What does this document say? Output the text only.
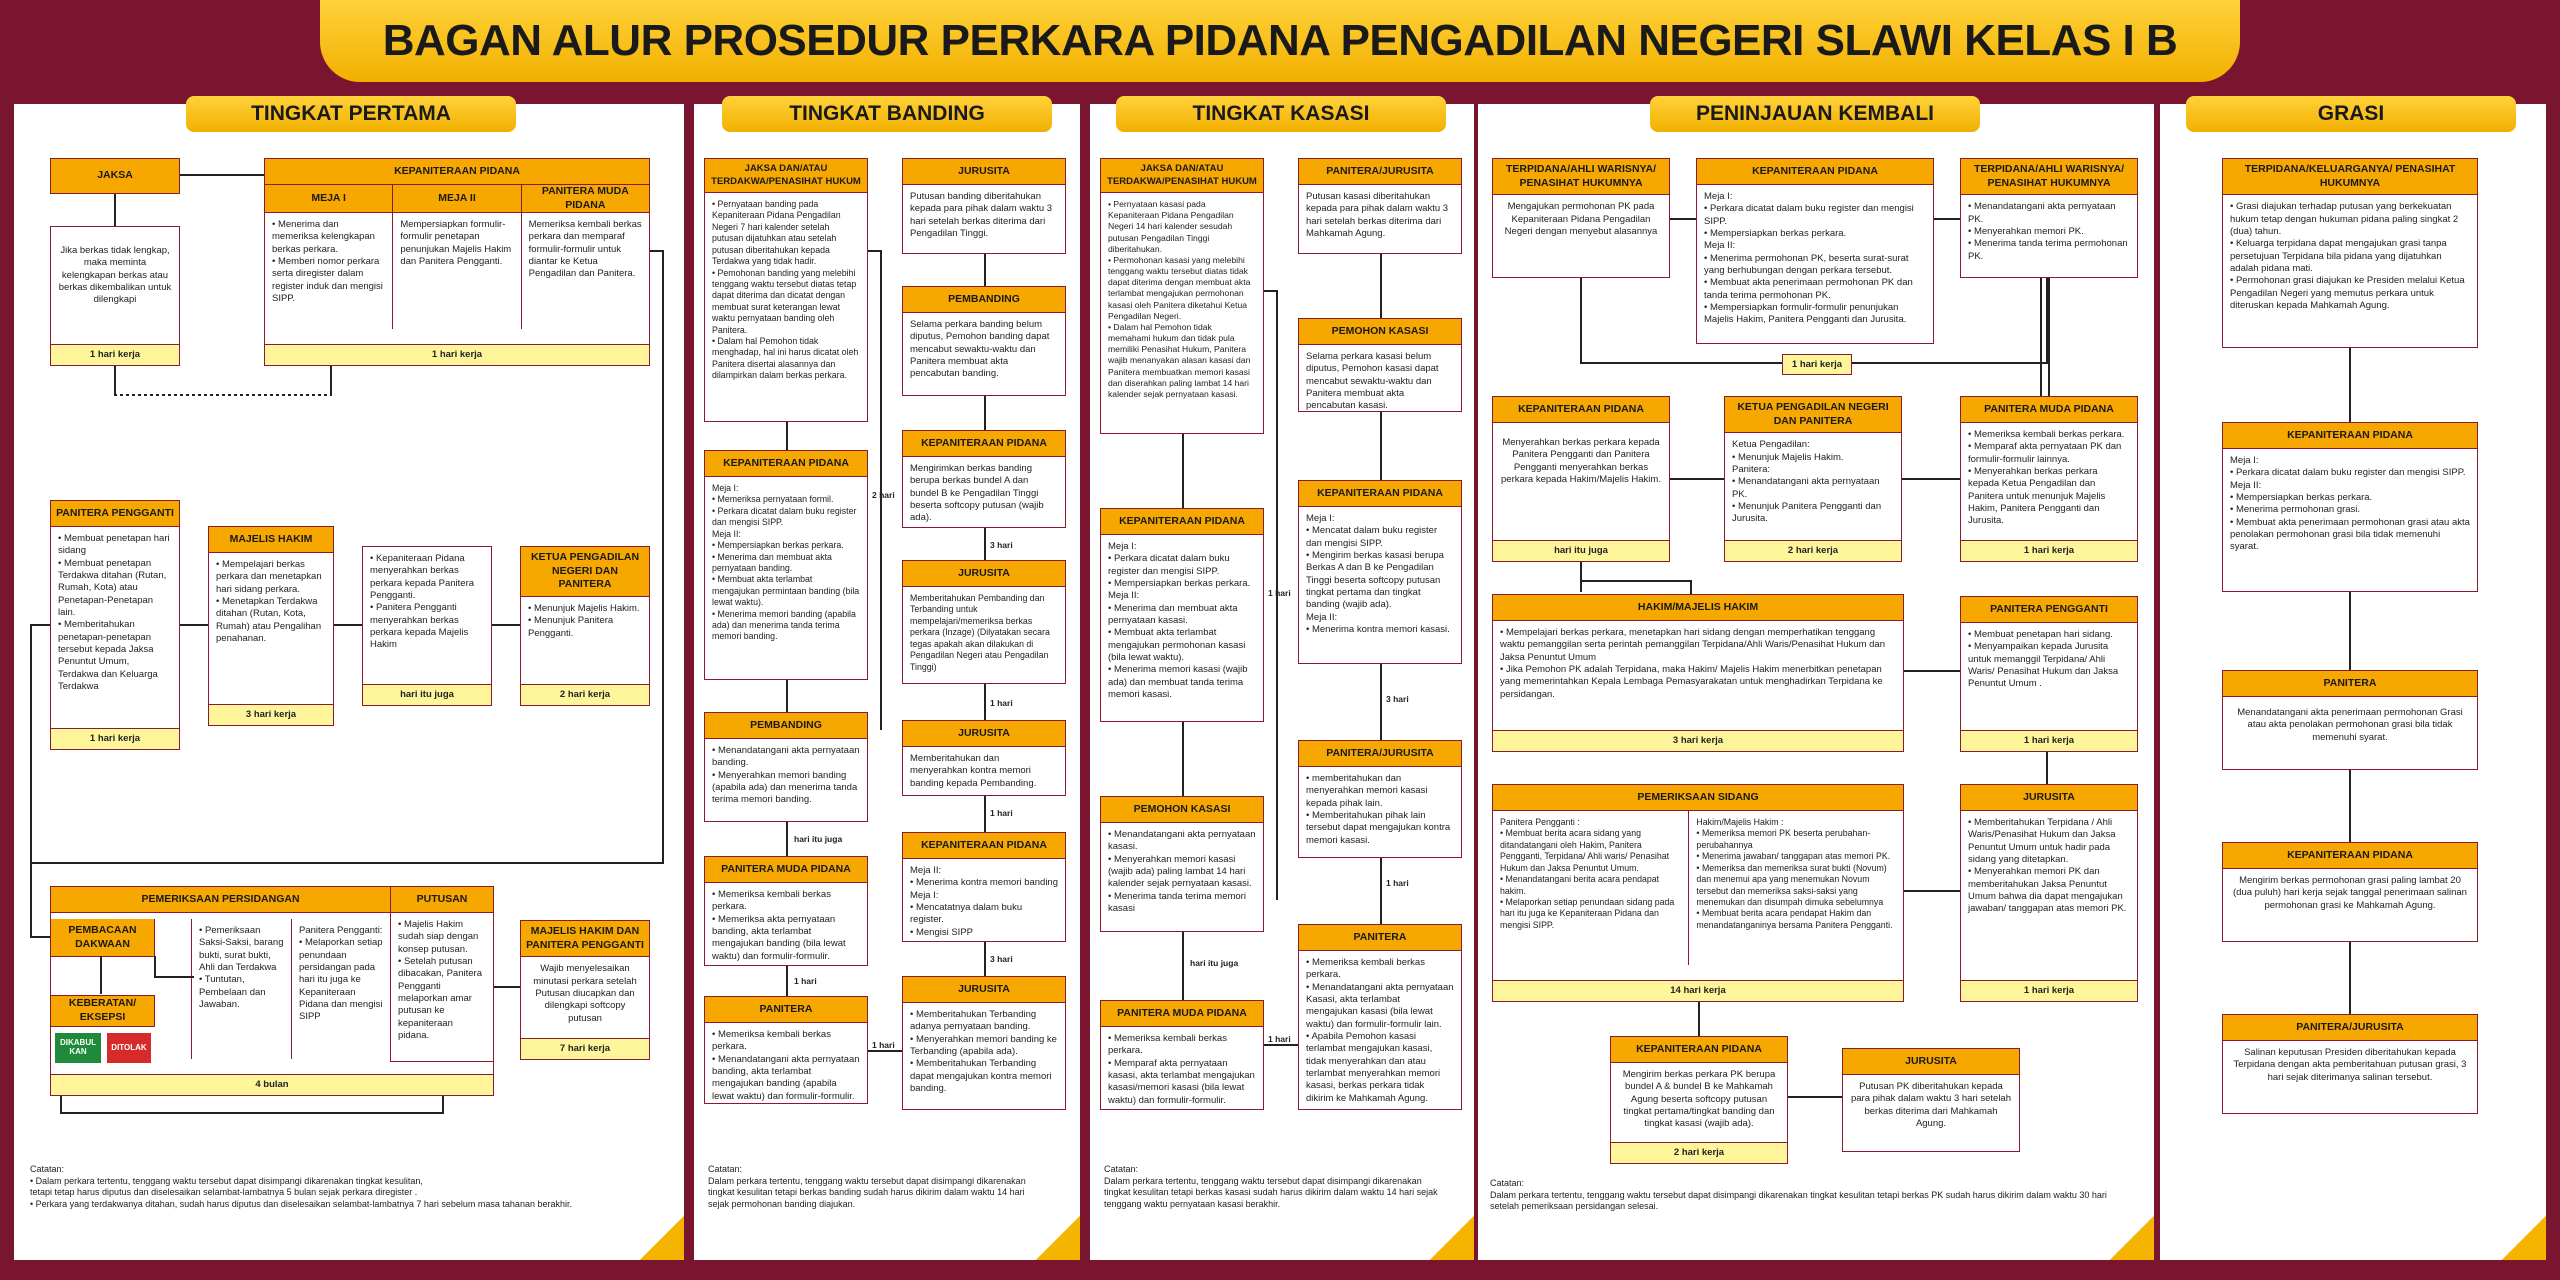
BAGAN ALUR PROSEDUR PERKARA PIDANA PENGADILAN NEGERI SLAWI KELAS I B
TINGKAT PERTAMA
JAKSA
Jika berkas tidak lengkap, maka meminta kelengkapan berkas atau berkas dikembalikan untuk dilengkapi
1 hari kerja
KEPANITERAAN PIDANA
MEJA I	MEJA II
PANITERA MUDA PIDANA
• Menerima dan memeriksa kelengkapan berkas perkara.
• Memberi nomor perkara serta diregister dalam register induk dan mengisi SIPP.
Mempersiapkan formulir-formulir penetapan penunjukan Majelis Hakim dan Panitera Pengganti.
Memeriksa kembali berkas perkara dan memparaf formulir-formulir untuk diantar ke Ketua Pengadilan dan Panitera.
1 hari kerja
PANITERA PENGGANTI
• Membuat penetapan hari sidang
• Membuat penetapan Terdakwa ditahan (Rutan, Rumah, Kota) atau Penetapan-Penetapan lain.
• Memberitahukan penetapan-penetapan tersebut kepada Jaksa Penuntut Umum, Terdakwa dan Keluarga Terdakwa
1 hari kerja
MAJELIS HAKIM
• Mempelajari berkas perkara dan menetapkan hari sidang perkara.
• Menetapkan Terdakwa ditahan (Rutan, Kota, Rumah) atau Pengalihan penahanan.
3 hari kerja
• Kepaniteraan Pidana menyerahkan berkas perkara kepada Panitera Pengganti.
• Panitera Pengganti menyerahkan berkas perkara kepada Majelis Hakim
hari itu juga
KETUA PENGADILAN NEGERI DAN PANITERA
• Menunjuk Majelis Hakim.
• Menunjuk Panitera Pengganti.
2 hari kerja
PEMERIKSAAN PERSIDANGAN
PEMBACAAN DAKWAAN
KEBERATAN/ EKSEPSI
DIKABUL KAN	DITOLAK
• Pemeriksaan Saksi-Saksi, barang bukti, surat bukti, Ahli dan Terdakwa
• Tuntutan, Pembelaan dan Jawaban.
Panitera Pengganti:
• Melaporkan setiap penundaan persidangan pada hari itu juga ke Kepaniteraan Pidana dan mengisi SIPP
4 bulan
PUTUSAN
• Majelis Hakim sudah siap dengan konsep putusan.
• Setelah putusan dibacakan, Panitera Pengganti melaporkan amar putusan ke kepaniteraan pidana.
MAJELIS HAKIM DAN PANITERA PENGGANTI
Wajib menyelesaikan minutasi perkara setelah Putusan diucapkan dan dilengkapi softcopy putusan
7 hari kerja
Catatan:
• Dalam perkara tertentu, tenggang waktu tersebut dapat disimpangi dikarenakan tingkat kesulitan,
tetapi tetap harus diputus dan diselesaikan selambat-lambatnya 5 bulan sejak perkara diregister .
• Perkara yang terdakwanya ditahan, sudah harus diputus dan diselesaikan selambat-lambatnya 7 hari sebelum masa tahanan berakhir.
TINGKAT BANDING
JAKSA DAN/ATAU TERDAKWA/PENASIHAT HUKUM
• Pernyataan banding pada Kepaniteraan Pidana Pengadilan Negeri 7 hari kalender setelah putusan dijatuhkan atau setelah putusan diberitahukan kepada Terdakwa yang tidak hadir.
• Pemohonan banding yang melebihi tenggang waktu tersebut diatas tetap dapat diterima dan dicatat dengan membuat surat keterangan lewat waktu pernyataan banding oleh Panitera.
• Dalam hal Pemohon tidak menghadap, hal ini harus dicatat oleh Panitera disertai alasannya dan dilampirkan dalam berkas perkara.
JURUSITA
Putusan banding diberitahukan kepada para pihak dalam waktu 3 hari setelah berkas diterima dari Pengadilan Tinggi.
PEMBANDING
Selama perkara banding belum diputus, Pemohon banding dapat mencabut sewaktu-waktu dan Panitera membuat akta pencabutan banding.
KEPANITERAAN PIDANA
Meja I:
• Memeriksa pernyataan formil.
• Perkara dicatat dalam buku register dan mengisi SIPP.
Meja II:
• Mempersiapkan berkas perkara.
• Menerima dan membuat akta pernyataan banding.
• Membuat akta terlambat mengajukan permintaan banding (bila lewat waktu).
• Menerima memori banding (apabila ada) dan menerima tanda terima memori banding.
KEPANITERAAN PIDANA
Mengirimkan berkas banding berupa berkas bundel A dan bundel B ke Pengadilan Tinggi beserta softcopy putusan (wajib ada).
JURUSITA
Memberitahukan Pembanding dan Terbanding untuk mempelajari/memeriksa berkas perkara (Inzage) (Dilyatakan secara tegas apakah akan dilakukan di Pengadilan Negeri atau Pengadilan Tinggi)
PEMBANDING
• Menandatangani akta pernyataan banding.
• Menyerahkan memori banding (apabila ada) dan menerima tanda terima memori banding.
JURUSITA
Memberitahukan dan menyerahkan kontra memori banding kepada Pembanding.
PANITERA MUDA PIDANA
• Memeriksa kembali berkas perkara.
• Memeriksa akta pernyataan banding, akta terlambat mengajukan banding (bila lewat waktu) dan formulir-formulir.
KEPANITERAAN PIDANA
Meja II:
• Menerima kontra memori banding
Meja I:
• Mencatatnya dalam buku register.
• Mengisi SIPP
PANITERA
• Memeriksa kembali berkas perkara.
• Menandatangani akta pernyataan banding, akta terlambat mengajukan banding (apabila lewat waktu) dan formulir-formulir.
JURUSITA
• Memberitahukan Terbanding adanya pernyataan banding.
• Menyerahkan memori banding ke Terbanding (apabila ada).
• Memberitahukan Terbanding dapat mengajukan kontra memori banding.
2 hari
3 hari
1 hari
1 hari
3 hari
hari itu juga
1 hari
1 hari
Catatan:
Dalam perkara tertentu, tenggang waktu tersebut dapat disimpangi dikarenakan tingkat kesulitan tetapi berkas banding sudah harus dikirim dalam waktu 14 hari sejak permohonan banding diajukan.
TINGKAT KASASI
JAKSA DAN/ATAU TERDAKWA/PENASIHAT HUKUM
• Pernyataan kasasi pada Kepaniteraan Pidana Pengadilan Negeri 14 hari kalender sesudah putusan Pengadilan Tinggi diberitahukan.
• Permohonan kasasi yang melebihi tenggang waktu tersebut diatas tidak dapat diterima dengan membuat akta terlambat mengajukan permohonan kasasi oleh Panitera diketahui Ketua Pengadilan Negeri.
• Dalam hal Pemohon tidak memahami hukum dan tidak pula memiliki Penasihat Hukum, Panitera wajib menanyakan alasan kasasi dan Panitera membuatkan memori kasasi dan diserahkan paling lambat 14 hari kalender sejak pernyataan kasasi.
PANITERA/JURUSITA
Putusan kasasi diberitahukan kepada para pihak dalam waktu 3 hari setelah berkas diterima dari Mahkamah Agung.
PEMOHON KASASI
Selama perkara kasasi belum diputus, Pemohon kasasi dapat mencabut sewaktu-waktu dan Panitera membuat akta pencabutan kasasi.
KEPANITERAAN PIDANA
Meja I:
• Perkara dicatat dalam buku register dan mengisi SIPP.
• Mempersiapkan berkas perkara.
Meja II:
• Menerima dan membuat akta pernyataan kasasi.
• Membuat akta terlambat mengajukan permohonan kasasi (bila lewat waktu).
• Menerima memori kasasi (wajib ada) dan membuat tanda terima memori kasasi.
KEPANITERAAN PIDANA
Meja I:
• Mencatat dalam buku register dan mengisi SIPP.
• Mengirim berkas kasasi berupa Berkas A dan B ke Pengadilan Tinggi beserta softcopy putusan tingkat pertama dan tingkat banding (wajib ada).
Meja II:
• Menerima kontra memori kasasi.
PEMOHON KASASI
• Menandatangani akta pernyataan kasasi.
• Menyerahkan memori kasasi (wajib ada) paling lambat 14 hari kalender sejak pernyataan kasasi.
• Menerima tanda terima memori kasasi
PANITERA/JURUSITA
• memberitahukan dan menyerahkan memori kasasi kepada pihak lain.
• Memberitahukan pihak lain tersebut dapat mengajukan kontra memori kasasi.
PANITERA MUDA PIDANA
• Memeriksa kembali berkas perkara.
• Memparaf akta pernyataan kasasi, akta terlambat mengajukan kasasi/memori kasasi (bila lewat waktu) dan formulir-formulir.
PANITERA
• Memeriksa kembali berkas perkara.
• Menandatangani akta pernyataan Kasasi, akta terlambat mengajukan kasasi (bila lewat waktu) dan formulir-formulir lain.
• Apabila Pemohon kasasi terlambat mengajukan kasasi, tidak menyerahkan dan atau terlambat menyerahkan memori kasasi, berkas perkara tidak dikirim ke Mahkamah Agung.
1 hari
3 hari
1 hari
hari itu juga
1 hari
Catatan:
Dalam perkara tertentu, tenggang waktu tersebut dapat disimpangi dikarenakan tingkat kesulitan tetapi berkas kasasi sudah harus dikirim dalam waktu 14 hari sejak tenggang waktu pernyataan kasasi berakhir.
PENINJAUAN KEMBALI
TERPIDANA/AHLI WARISNYA/ PENASIHAT HUKUMNYA
Mengajukan permohonan PK pada Kepaniteraan Pidana Pengadilan Negeri dengan menyebut alasannya
KEPANITERAAN PIDANA
Meja I:
• Perkara dicatat dalam buku register dan mengisi SIPP.
• Mempersiapkan berkas perkara.
Meja II:
• Menerima permohonan PK, beserta surat-surat yang berhubungan dengan perkara tersebut.
• Membuat akta penerimaan permohonan PK dan tanda terima permohonan PK.
• Mempersiapkan formulir-formulir penunjukan Majelis Hakim, Panitera Pengganti dan Jurusita.
TERPIDANA/AHLI WARISNYA/ PENASIHAT HUKUMNYA
• Menandatangani akta pernyataan PK.
• Menyerahkan memori PK.
• Menerima tanda terima permohonan PK.
1 hari kerja
KEPANITERAAN PIDANA
Menyerahkan berkas perkara kepada Panitera Pengganti dan Panitera Pengganti menyerahkan berkas perkara kepada Hakim/Majelis Hakim.
hari itu juga
KETUA PENGADILAN NEGERI DAN PANITERA
Ketua Pengadilan:
• Menunjuk Majelis Hakim.
Panitera:
• Menandatangani akta pernyataan PK.
• Menunjuk Panitera Pengganti dan Jurusita.
2 hari kerja
PANITERA MUDA PIDANA
• Memeriksa kembali berkas perkara.
• Memparaf akta pernyataan PK dan formulir-formulir lainnya.
• Menyerahkan berkas perkara kepada Ketua Pengadilan dan Panitera untuk menunjuk Majelis Hakim, Panitera Pengganti dan Jurusita.
1 hari kerja
HAKIM/MAJELIS HAKIM
• Mempelajari berkas perkara, menetapkan hari sidang dengan memperhatikan tenggang waktu pemanggilan serta perintah pemanggilan Terpidana/Ahli Waris/Penasihat Hukum dan Jaksa Penuntut Umum
• Jika Pemohon PK adalah Terpidana, maka Hakim/ Majelis Hakim menerbitkan penetapan yang memerintahkan Kepala Lembaga Pemasyarakatan untuk menghadirkan Terpidana ke persidangan.
3 hari kerja
PANITERA PENGGANTI
• Membuat penetapan hari sidang.
• Menyampaikan kepada Jurusita untuk memanggil Terpidana/ Ahli Waris/ Penasihat Hukum dan Jaksa Penuntut Umum .
1 hari kerja
PEMERIKSAAN SIDANG
Panitera Pengganti :
• Membuat berita acara sidang yang ditandatangani oleh Hakim, Panitera Pengganti, Terpidana/ Ahli waris/ Penasihat Hukum dan Jaksa Penuntut Umum.
• Menandatangani berita acara pendapat hakim.
• Melaporkan setiap penundaan sidang pada hari itu juga ke Kepaniteraan Pidana dan mengisi SIPP.
Hakim/Majelis Hakim :
• Memeriksa memori PK beserta perubahan-perubahannya
• Menerima jawaban/ tanggapan atas memori PK.
• Memeriksa dan memeriksa surat bukti (Novum) dan menemui apa yang menemukan Novum tersebut dan memeriksa saksi-saksi yang menemukan dan disumpah dimuka sebelumnya
• Membuat berita acara pendapat Hakim dan menandatanganinya bersama Panitera Pengganti.
14 hari kerja
JURUSITA
• Memberitahukan Terpidana / Ahli Waris/Penasihat Hukum dan Jaksa Penuntut Umum untuk hadir pada sidang yang ditetapkan.
• Menyerahkan memori PK dan memberitahukan Jaksa Penuntut Umum bahwa dia dapat mengajukan jawaban/ tanggapan atas memori PK.
1 hari kerja
KEPANITERAAN PIDANA
Mengirim berkas perkara PK berupa bundel A & bundel B ke Mahkamah Agung beserta softcopy putusan tingkat pertama/tingkat banding dan tingkat kasasi (wajib ada).
2 hari kerja
JURUSITA
Putusan PK diberitahukan kepada para pihak dalam waktu 3 hari setelah berkas diterima dari Mahkamah Agung.
Catatan:
Dalam perkara tertentu, tenggang waktu tersebut dapat disimpangi dikarenakan tingkat kesulitan tetapi berkas PK sudah harus dikirim dalam waktu 30 hari setelah pemeriksaan persidangan selesai.
GRASI
TERPIDANA/KELUARGANYA/ PENASIHAT HUKUMNYA
• Grasi diajukan terhadap putusan yang berkekuatan hukum tetap dengan hukuman pidana paling singkat 2 (dua) tahun.
• Keluarga terpidana dapat mengajukan grasi tanpa persetujuan Terpidana bila pidana yang dijatuhkan adalah pidana mati.
• Permohonan grasi diajukan ke Presiden melalui Ketua Pengadilan Negeri yang memutus perkara untuk diteruskan kepada Mahkamah Agung.
KEPANITERAAN PIDANA
Meja I:
• Perkara dicatat dalam buku register dan mengisi SIPP.
Meja II:
• Mempersiapkan berkas perkara.
• Menerima permohonan grasi.
• Membuat akta penerimaan permohonan grasi atau akta penolakan permohonan grasi bila tidak memenuhi syarat.
PANITERA
Menandatangani akta penerimaan permohonan Grasi atau akta penolakan permohonan grasi bila tidak memenuhi syarat.
KEPANITERAAN PIDANA
Mengirim berkas permohonan grasi paling lambat 20 (dua puluh) hari kerja sejak tanggal penerimaan salinan permohonan grasi ke Mahkamah Agung.
PANITERA/JURUSITA
Salinan keputusan Presiden diberitahukan kepada Terpidana dengan akta pemberitahuan putusan grasi, 3 hari sejak diterimanya salinan tersebut.
